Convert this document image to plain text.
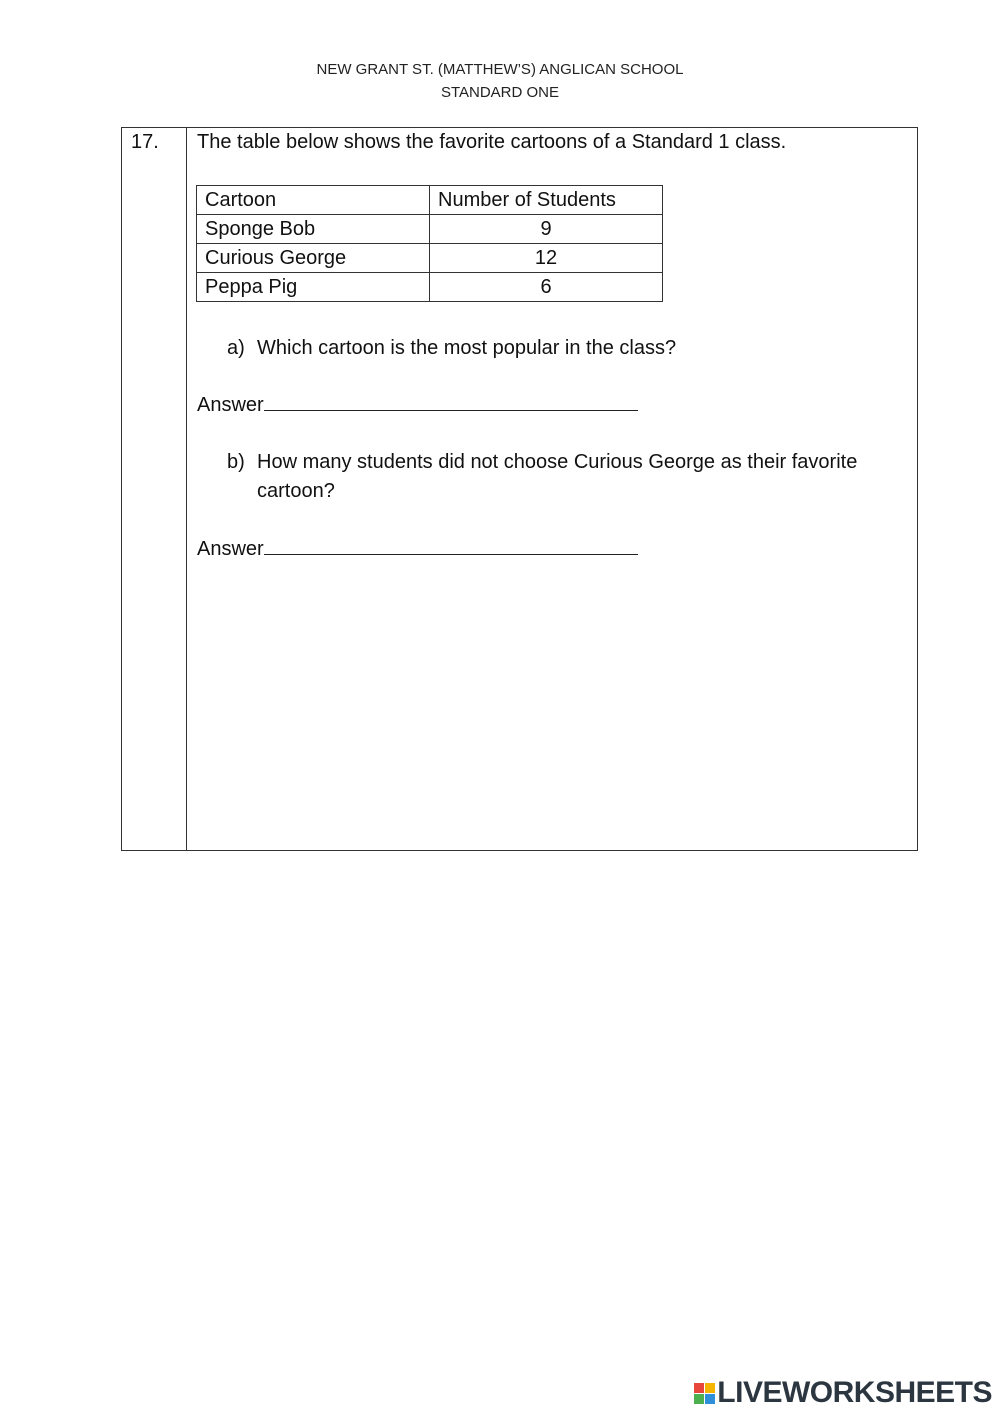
NEW GRANT ST. (MATTHEW’S) ANGLICAN SCHOOL
STANDARD ONE
17. The table below shows the favorite cartoons of a Standard 1 class.
Cartoon	Number of Students
Sponge Bob	9
Curious George	12
Peppa Pig	6
a) Which cartoon is the most popular in the class?
Answer
b) How many students did not choose Curious George as their favorite cartoon?
Answer
LIVEWORKSHEETS
